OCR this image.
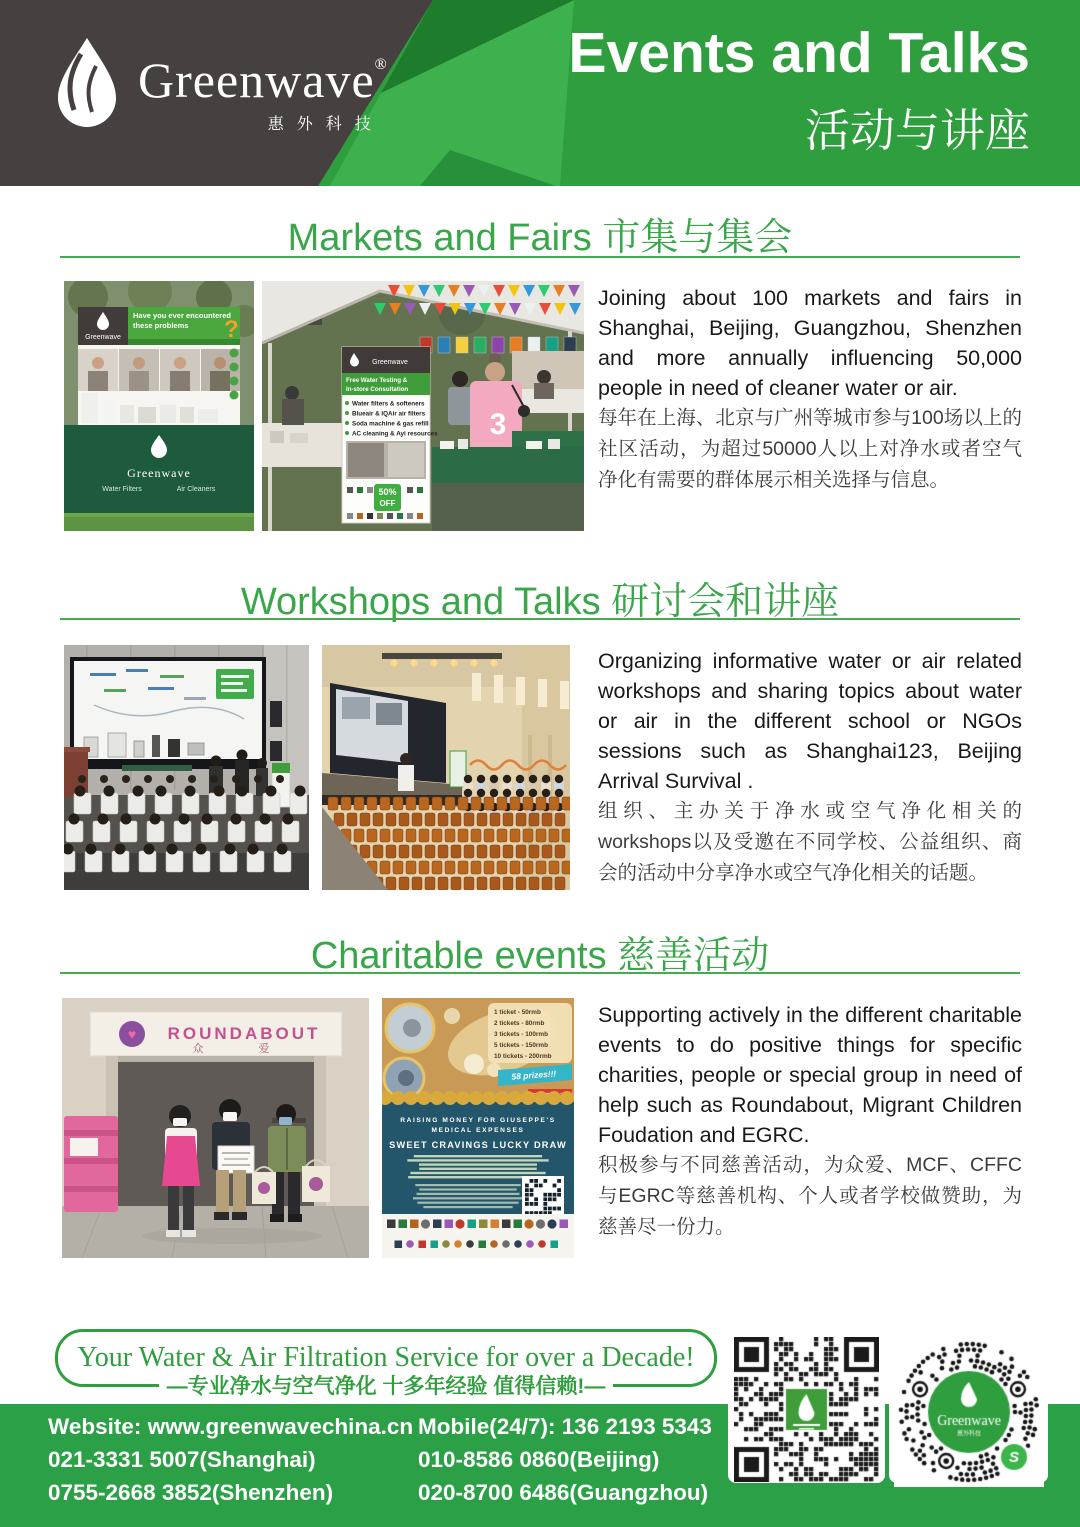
Greenwave®
惠外科技
Events and Talks
活动与讲座
Markets and Fairs 市集与集会
Greenwave
Have you ever encountered
these problems ?
Greenwave
Water Filters	Air Cleaners
Greenwave
Free Water Testing &
In-store Consultation
Water filters & softeners
Blueair & IQAir air filters
Soda machine & gas refill
AC cleaning & Ayi resources
50%
OFF
3

Joining about 100 markets and fairs in Shanghai, Beijing, Guangzhou, Shenzhen and more annually influencing 50,000 people in need of cleaner water or air.

每年在上海、北京与广州等城市参与100场以上的社区活动，为超过50000人以上对净水或者空气净化有需要的群体展示相关选择与信息。

Workshops and Talks 研讨会和讲座

Organizing informative water or air related workshops and sharing topics about water or air in the different school or NGOs sessions such as Shanghai123, Beijing Arrival Survival .

组织、主办关于净水或空气净化相关的workshops以及受邀在不同学校、公益组织、商会的活动中分享净水或空气净化相关的话题。

Charitable events 慈善活动
♥ ROUNDABOUT
众 爱
1 ticket - 50rmb
2 tickets - 80rmb
3 tickets - 100rmb
5 tickets - 150rmb
10 tickets - 200rmb
58 prizes!!!
RAISING MONEY FOR GIUSEPPE'S
MEDICAL EXPENSES
SWEET CRAVINGS LUCKY DRAW

Supporting actively in the different charitable events to do positive things for specific charities, people or special group in need of help such as Roundabout, Migrant Children Foudation and EGRC.

积极参与不同慈善活动，为众爱、MCF、CFFC与EGRC等慈善机构、个人或者学校做赞助，为慈善尽一份力。

Your Water & Air Filtration Service for over a Decade!
—专业净水与空气净化 十多年经验 值得信赖!—
Website: www.greenwavechina.cn
021-3331 5007(Shanghai)
0755-2668 3852(Shenzhen)
Mobile(24/7): 136 2193 5343
010-8586 0860(Beijing)
020-8700 6486(Guangzhou)
